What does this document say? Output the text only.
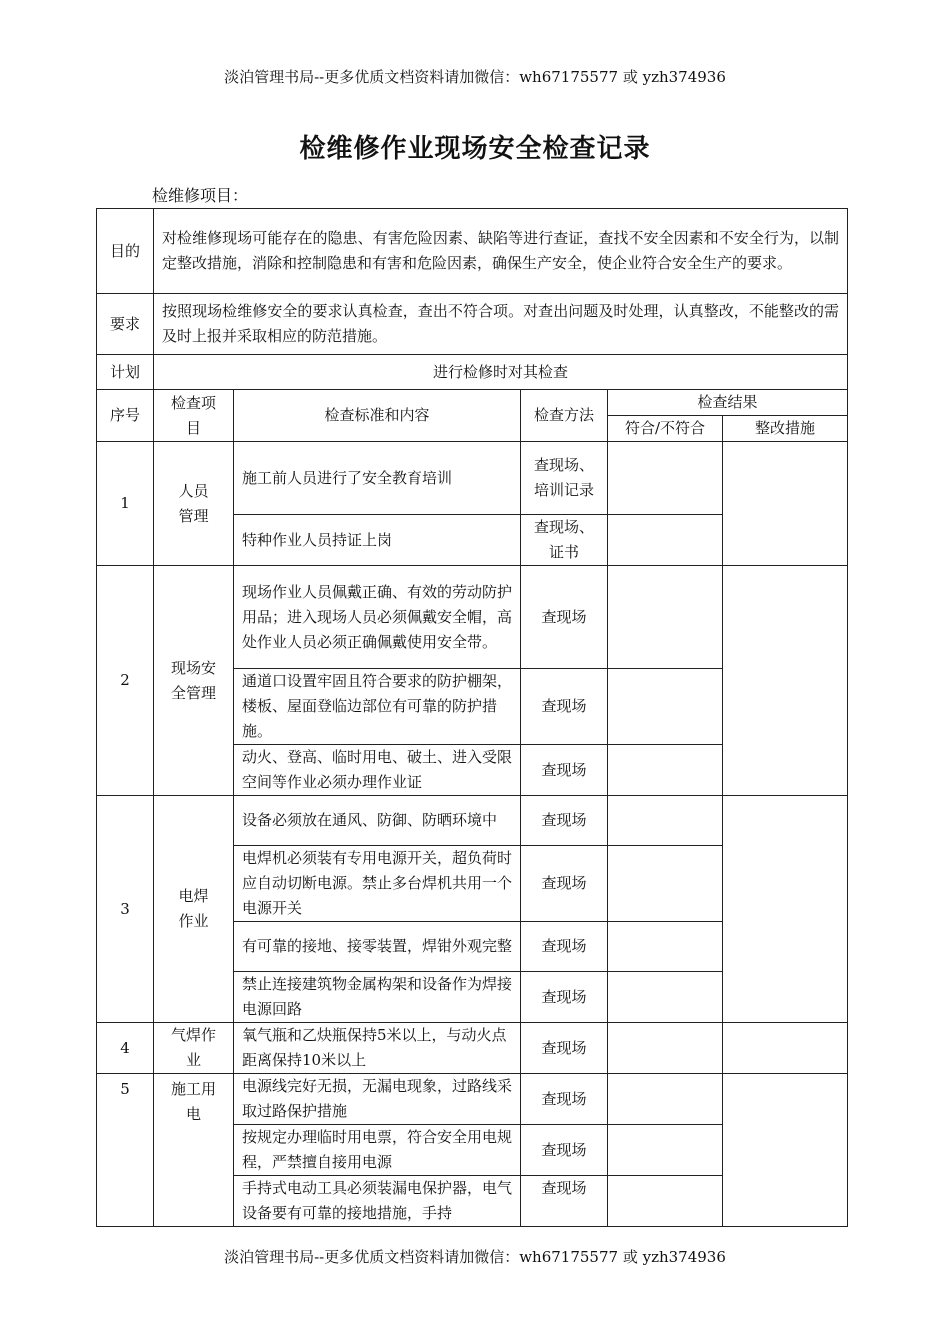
淡泊管理书局--更多优质文档资料请加微信：wh67175577 或 yzh374936
检维修作业现场安全检查记录
检维修项目：
目的	对检维修现场可能存在的隐患、有害危险因素、缺陷等进行查证，查找不安全因素和不安全行为，以制定整改措施，消除和控制隐患和有害和危险因素，确保生产安全，使企业符合安全生产的要求。				
要求	按照现场检维修安全的要求认真检查，查出不符合项。对查出问题及时处理，认真整改，不能整改的需及时上报并采取相应的防范措施。				
计划	进行检修时对其检查				
序号	检查项目	检查标准和内容	检查方法	检查结果	
				符合/不符合	整改措施
1	人员管理	施工前人员进行了安全教育培训	查现场、培训记录		
		特种作业人员持证上岗	查现场、证书		
2	现场安全管理	现场作业人员佩戴正确、有效的劳动防护用品；进入现场人员必须佩戴安全帽，高处作业人员必须正确佩戴使用安全带。	查现场		
		通道口设置牢固且符合要求的防护棚架，楼板、屋面登临边部位有可靠的防护措施。	查现场		
		动火、登高、临时用电、破土、进入受限空间等作业必须办理作业证	查现场		
3	电焊作业	设备必须放在通风、防御、防晒环境中	查现场		
		电焊机必须装有专用电源开关，超负荷时应自动切断电源。禁止多台焊机共用一个电源开关	查现场		
		有可靠的接地、接零装置，焊钳外观完整	查现场		
		禁止连接建筑物金属构架和设备作为焊接电源回路	查现场		
4	气焊作业	氧气瓶和乙炔瓶保持5米以上，与动火点距离保持10米以上	查现场		
5	施工用电	电源线完好无损，无漏电现象，过路线采取过路保护措施	查现场		
		按规定办理临时用电票，符合安全用电规程，严禁擅自接用电源	查现场		
		手持式电动工具必须装漏电保护器，电气设备要有可靠的接地措施，手持	查现场		
淡泊管理书局--更多优质文档资料请加微信：wh67175577 或 yzh374936
